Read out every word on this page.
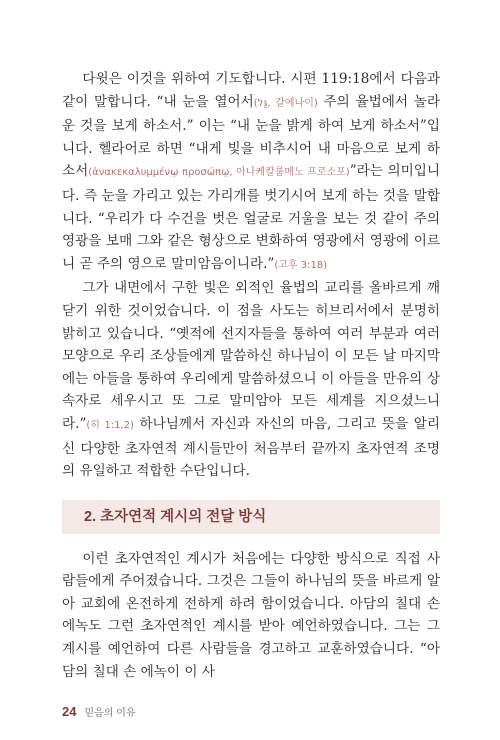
다윗은 이것을 위하여 기도합니다. 시편 119:18에서 다음과 같이 말합니다. “내 눈을 열어서(גַּל, 갈에나이) 주의 율법에서 놀라운 것을 보게 하소서.” 이는 “내 눈을 밝게 하여 보게 하소서”입니다. 헬라어로 하면 “내게 빛을 비추시어 내 마음으로 보게 하소서(ἀνακεκαλυμμένῳ προσώπῳ, 아나케칼룸메노 프로소포)”라는 의미입니다. 즉 눈을 가리고 있는 가리개를 벗기시어 보게 하는 것을 말합니다. “우리가 다 수건을 벗은 얼굴로 거울을 보는 것 같이 주의 영광을 보매 그와 같은 형상으로 변화하여 영광에서 영광에 이르니 곧 주의 영으로 말미암음이니라.”(고후 3:18)

그가 내면에서 구한 빛은 외적인 율법의 교리를 올바르게 깨닫기 위한 것이었습니다. 이 점을 사도는 히브리서에서 분명히 밝히고 있습니다. “옛적에 선지자들을 통하여 여러 부분과 여러 모양으로 우리 조상들에게 말씀하신 하나님이 이 모든 날 마지막에는 아들을 통하여 우리에게 말씀하셨으니 이 아들을 만유의 상속자로 세우시고 또 그로 말미암아 모든 세계를 지으셨느니라.”(히 1:1,2) 하나님께서 자신과 자신의 마음, 그리고 뜻을 알리신 다양한 초자연적 계시들만이 처음부터 끝까지 초자연적 조명의 유일하고 적합한 수단입니다.

2. 초자연적 계시의 전달 방식

이런 초자연적인 계시가 처음에는 다양한 방식으로 직접 사람들에게 주어졌습니다. 그것은 그들이 하나님의 뜻을 바르게 알아 교회에 온전하게 전하게 하려 함이었습니다. 아담의 칠대 손 에녹도 그런 초자연적인 계시를 받아 예언하였습니다. 그는 그 계시를 예언하여 다른 사람들을 경고하고 교훈하였습니다. “아담의 칠대 손 에녹이 이 사

24 믿음의 이유
